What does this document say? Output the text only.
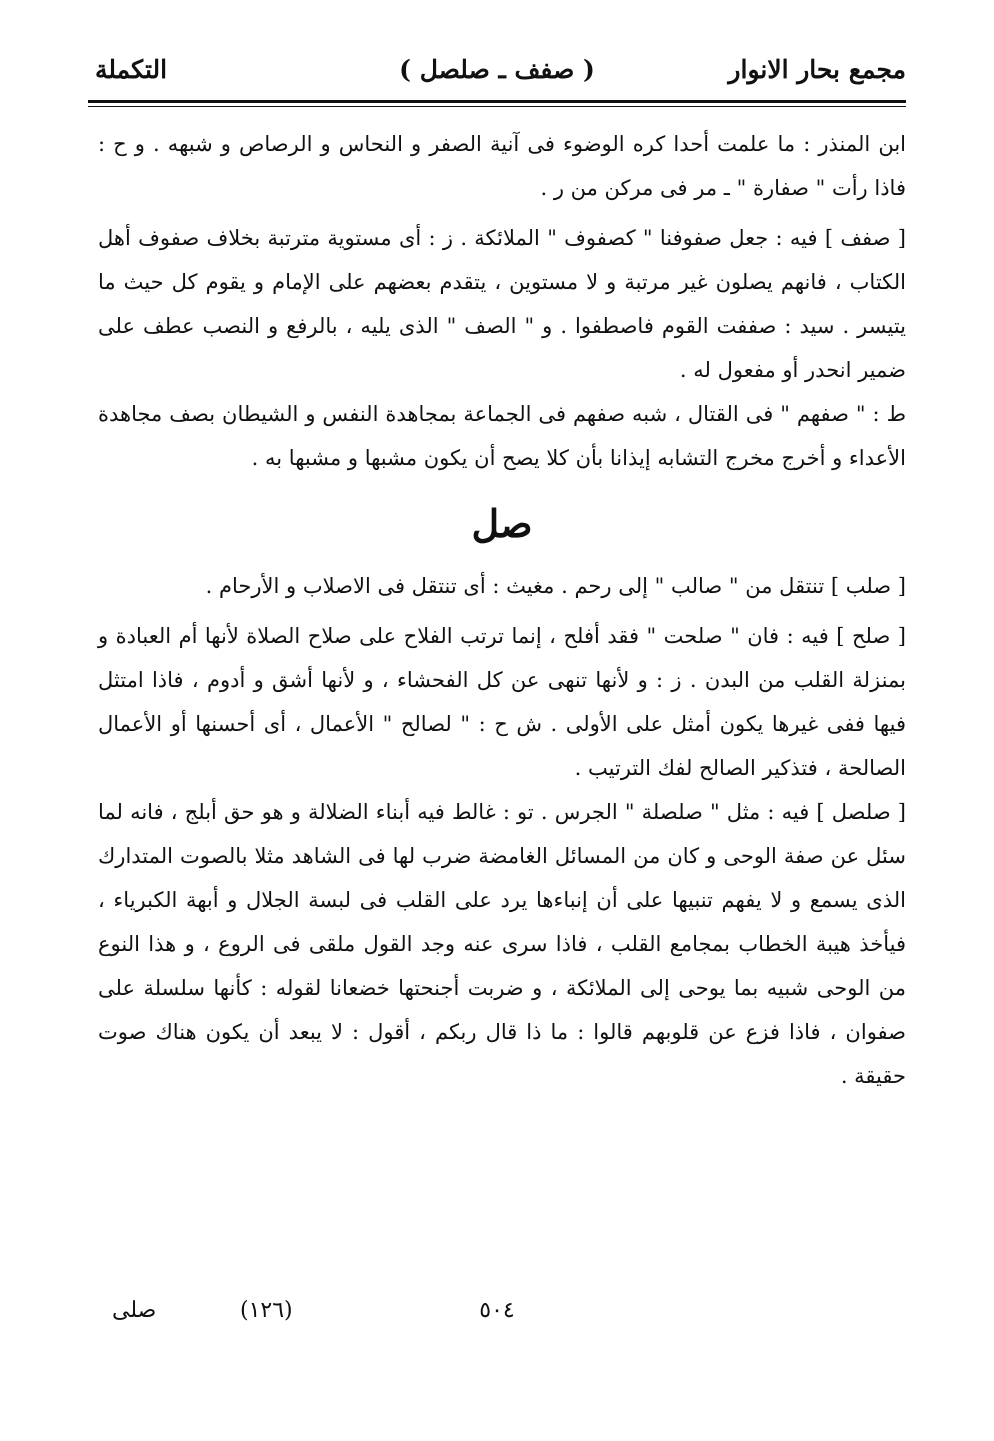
مجمع بحار الانوار
( صفف ـ صلصل )
التكملة

ابن المنذر : ما علمت أحدا كره الوضوء فى آنية الصفر و النحاس و الرصاص و شبهه . و ح : فاذا رأت " صفارة " ـ مر فى مركن من ر .

[ صفف ] فيه : جعل صفوفنا " كصفوف " الملائكة . ز : أى مستوية مترتبة بخلاف صفوف أهل الكتاب ، فانهم يصلون غير مرتبة و لا مستوين ، يتقدم بعضهم على الإمام و يقوم كل حيث ما يتيسر . سيد : صففت القوم فاصطفوا . و " الصف " الذى يليه ، بالرفع و النصب عطف على ضمير انحدر أو مفعول له .

ط : " صفهم " فى القتال ، شبه صفهم فى الجماعة بمجاهدة النفس و الشيطان بصف مجاهدة الأعداء و أخرج مخرج التشابه إيذانا بأن كلا يصح أن يكون مشبها و مشبها به .

صل

[ صلب ] تنتقل من " صالب " إلى رحم . مغيث : أى تنتقل فى الاصلاب و الأرحام .

[ صلح ] فيه : فان " صلحت " فقد أفلح ، إنما ترتب الفلاح على صلاح الصلاة لأنها أم العبادة و بمنزلة القلب من البدن . ز : و لأنها تنهى عن كل الفحشاء ، و لأنها أشق و أدوم ، فاذا امتثل فيها ففى غيرها يكون أمثل على الأولى . ش ح : " لصالح " الأعمال ، أى أحسنها أو الأعمال الصالحة ، فتذكير الصالح لفك الترتيب .

[ صلصل ] فيه : مثل " صلصلة " الجرس . تو : غالط فيه أبناء الضلالة و هو حق أبلج ، فانه لما سئل عن صفة الوحى و كان من المسائل الغامضة ضرب لها فى الشاهد مثلا بالصوت المتدارك الذى يسمع و لا يفهم تنبيها على أن إنباءها يرد على القلب فى لبسة الجلال و أبهة الكبرياء ، فيأخذ هيبة الخطاب بمجامع القلب ، فاذا سرى عنه وجد القول ملقى فى الروع ، و هذا النوع من الوحى شبيه بما يوحى إلى الملائكة ، و ضربت أجنحتها خضعانا لقوله : كأنها سلسلة على صفوان ، فاذا فزع عن قلوبهم قالوا : ما ذا قال ربكم ، أقول : لا يبعد أن يكون هناك صوت حقيقة .

صلى	(١٢٦)	٥٠٤
